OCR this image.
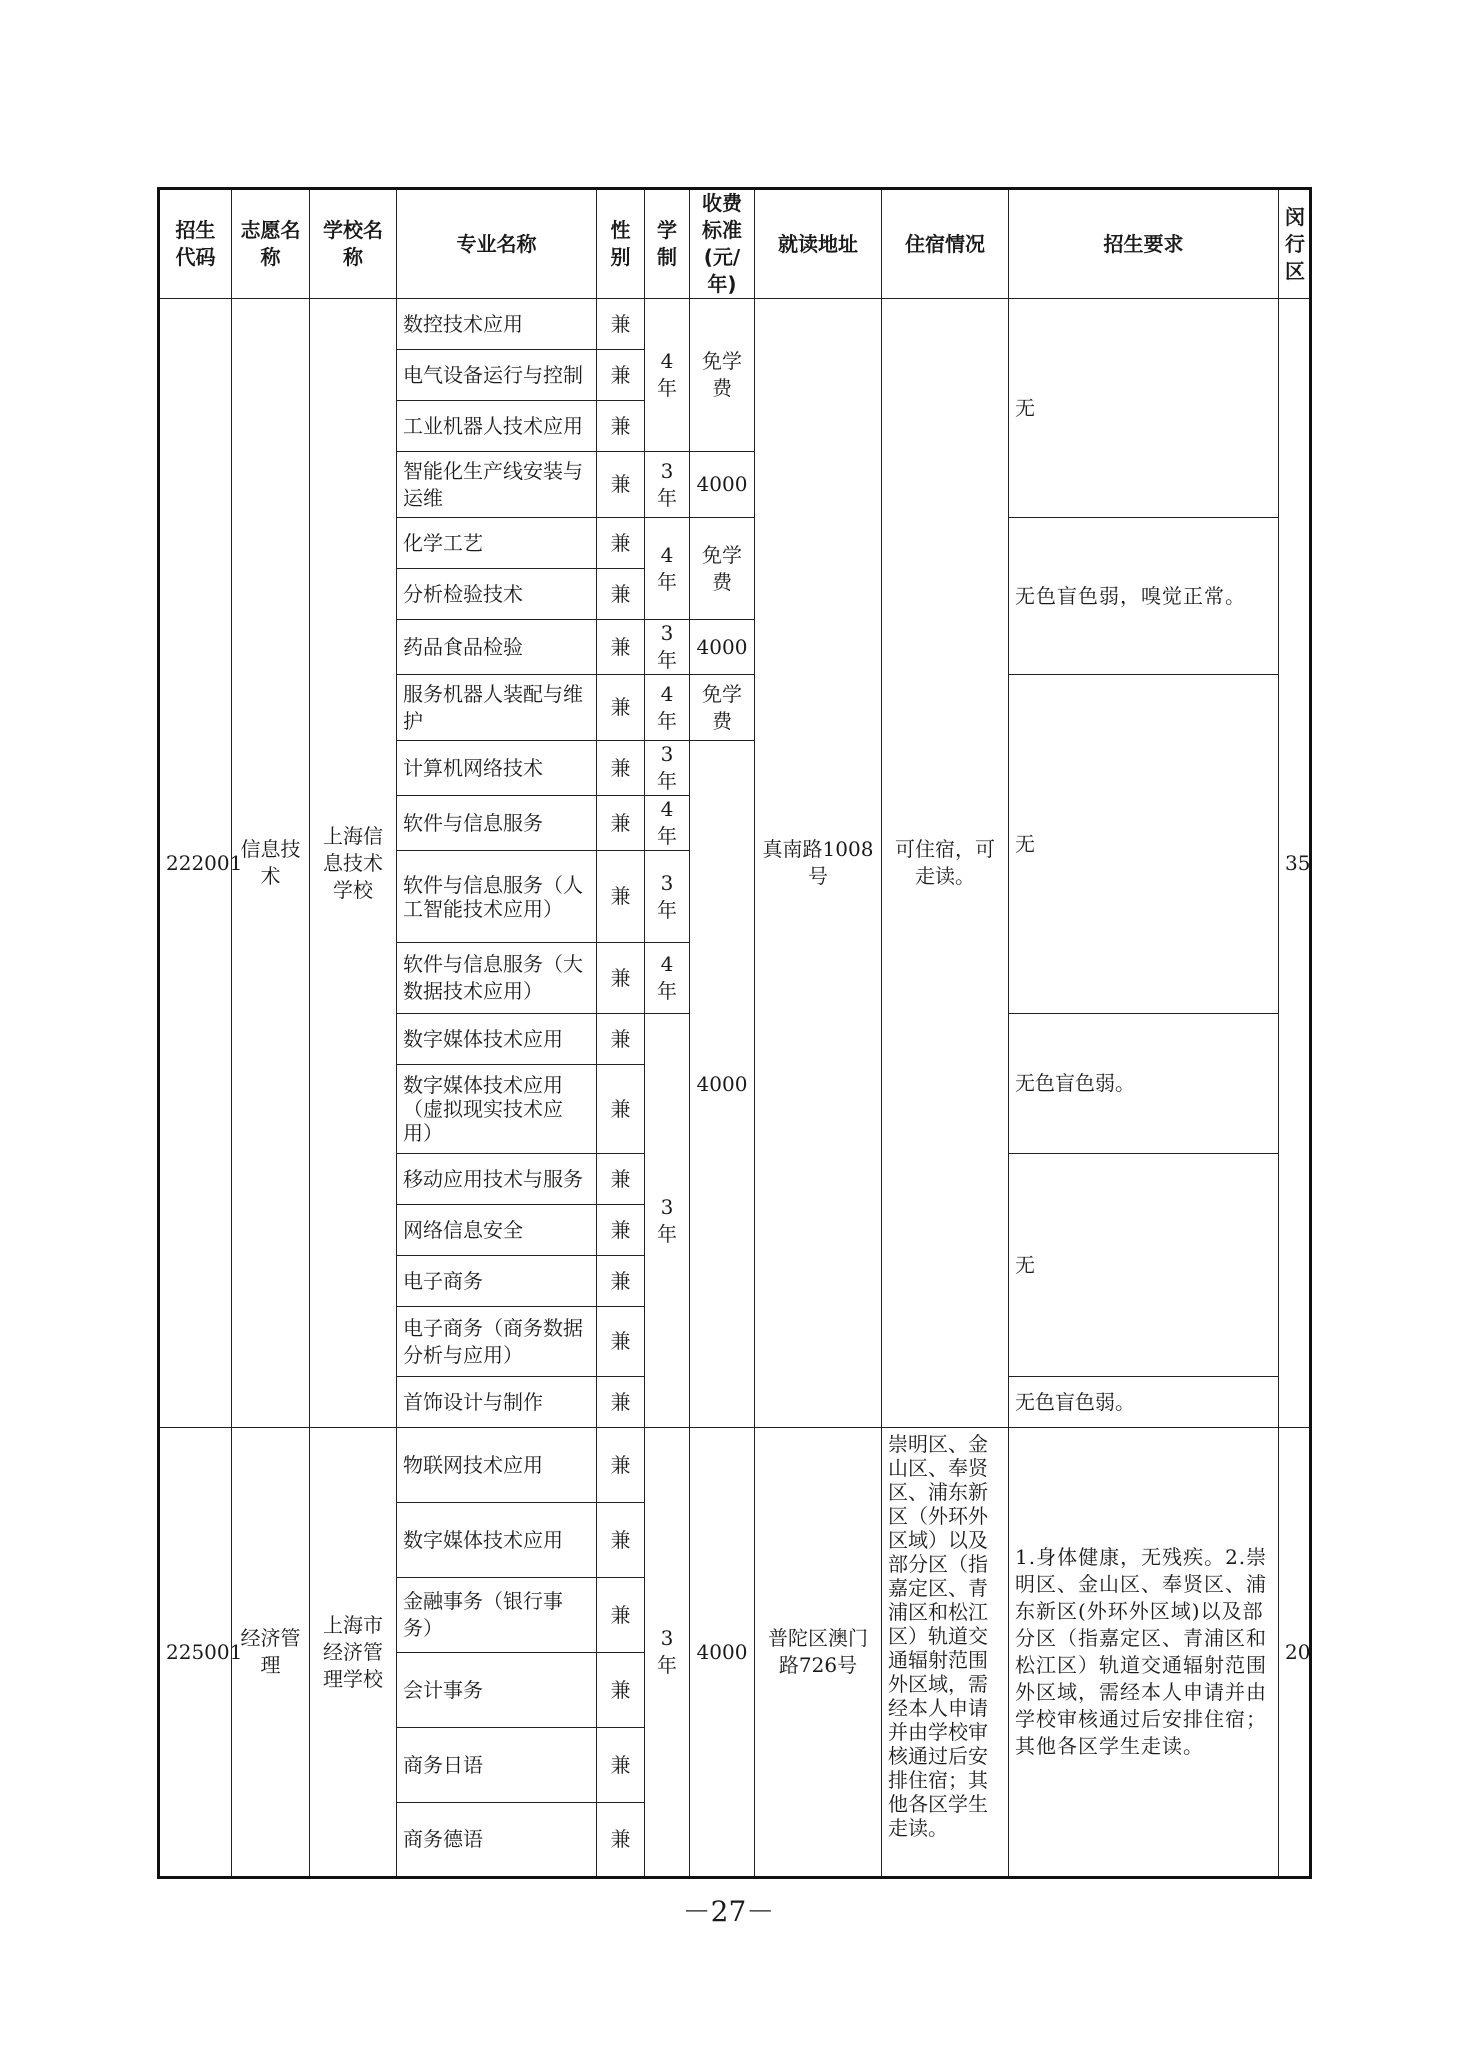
招生代码	志愿名称	学校名称	专业名称	性别	学制	收费标准(元/年)	就读地址	住宿情况	招生要求	闵行区
222001	信息技术	上海信息技术学校	数控技术应用	兼	4年	免学费	真南路1008号	可住宿，可走读。	无	35
			电气设备运行与控制	兼						
			工业机器人技术应用	兼						
			智能化生产线安装与运维	兼	3年	4000				
			化学工艺	兼	4年	免学费			无色盲色弱，嗅觉正常。	
			分析检验技术	兼						
			药品食品检验	兼	3年	4000				
			服务机器人装配与维护	兼	4年	免学费			无	
			计算机网络技术	兼	3年	4000				
			软件与信息服务	兼	4年					
			软件与信息服务（人工智能技术应用）	兼	3年					
			软件与信息服务（大数据技术应用）	兼	4年					
			数字媒体技术应用	兼	3年				无色盲色弱。	
			数字媒体技术应用（虚拟现实技术应用）	兼						
			移动应用技术与服务	兼					无	
			网络信息安全	兼						
			电子商务	兼						
			电子商务（商务数据分析与应用）	兼						
			首饰设计与制作	兼					无色盲色弱。	
225001	经济管理	上海市经济管理学校	物联网技术应用	兼	3年	4000	普陀区澳门路726号	崇明区、金山区、奉贤区、浦东新区（外环外区域）以及部分区（指嘉定区、青浦区和松江区）轨道交通辐射范围外区域，需经本人申请并由学校审核通过后安排住宿；其他各区学生走读。	1.身体健康，无残疾。2.崇明区、金山区、奉贤区、浦东新区(外环外区域)以及部分区（指嘉定区、青浦区和松江区）轨道交通辐射范围外区域，需经本人申请并由学校审核通过后安排住宿；其他各区学生走读。	20
			数字媒体技术应用	兼						
			金融事务（银行事务）	兼						
			会计事务	兼						
			商务日语	兼						
			商务德语	兼						
－27－
